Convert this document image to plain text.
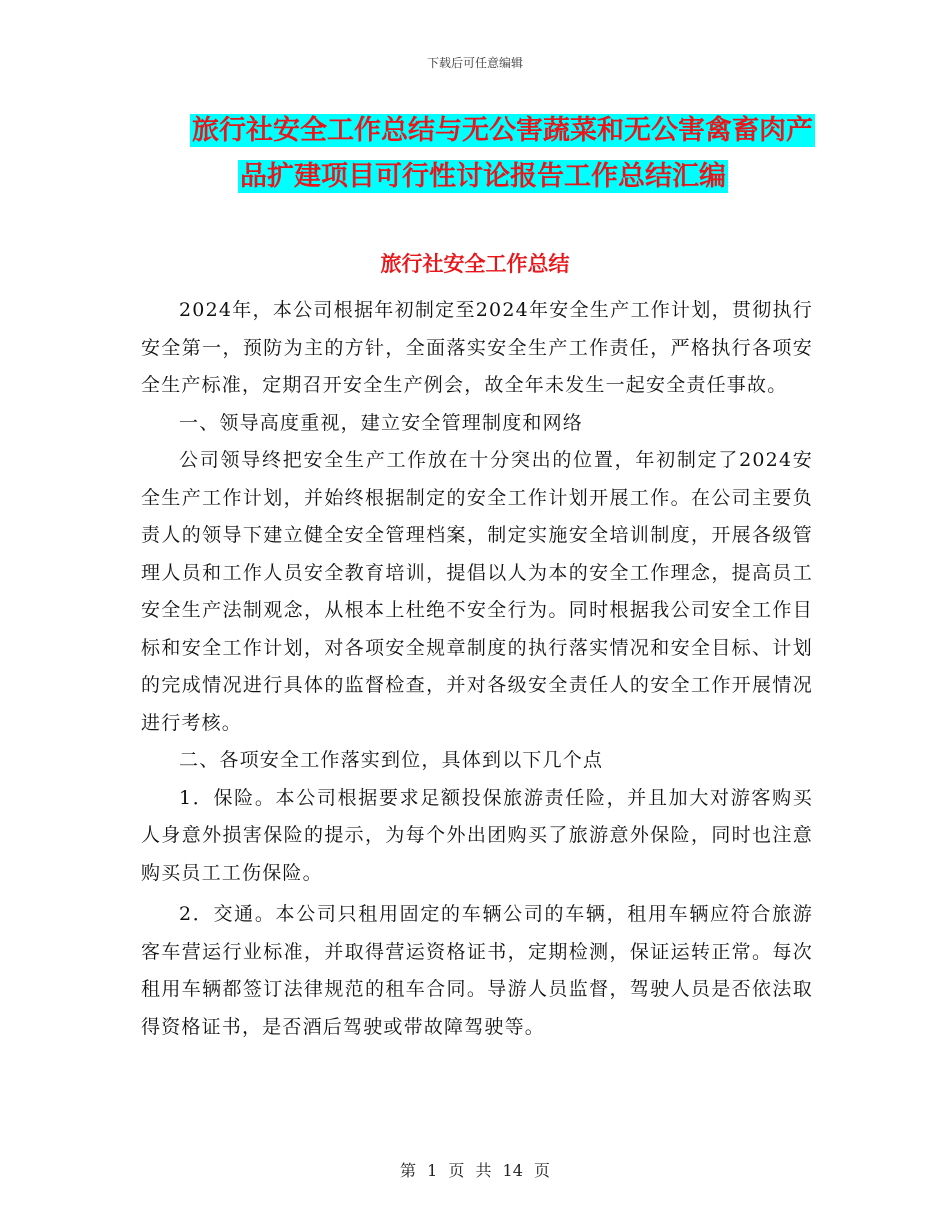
下载后可任意编辑
旅行社安全工作总结与无公害蔬菜和无公害禽畜肉产
品扩建项目可行性讨论报告工作总结汇编
旅行社安全工作总结

2024年，本公司根据年初制定至2024年安全生产工作计划，贯彻执行安全第一，预防为主的方针，全面落实安全生产工作责任，严格执行各项安全生产标准，定期召开安全生产例会，故全年未发生一起安全责任事故。

一、领导高度重视，建立安全管理制度和网络

公司领导终把安全生产工作放在十分突出的位置，年初制定了2024安全生产工作计划，并始终根据制定的安全工作计划开展工作。在公司主要负责人的领导下建立健全安全管理档案，制定实施安全培训制度，开展各级管理人员和工作人员安全教育培训，提倡以人为本的安全工作理念，提高员工安全生产法制观念，从根本上杜绝不安全行为。同时根据我公司安全工作目标和安全工作计划，对各项安全规章制度的执行落实情况和安全目标、计划的完成情况进行具体的监督检查，并对各级安全责任人的安全工作开展情况进行考核。

二、各项安全工作落实到位，具体到以下几个点

1．保险。本公司根据要求足额投保旅游责任险，并且加大对游客购买人身意外损害保险的提示，为每个外出团购买了旅游意外保险，同时也注意购买员工工伤保险。

2．交通。本公司只租用固定的车辆公司的车辆，租用车辆应符合旅游客车营运行业标准，并取得营运资格证书，定期检测，保证运转正常。每次租用车辆都签订法律规范的租车合同。导游人员监督，驾驶人员是否依法取得资格证书，是否酒后驾驶或带故障驾驶等。

第 1 页 共 14 页
